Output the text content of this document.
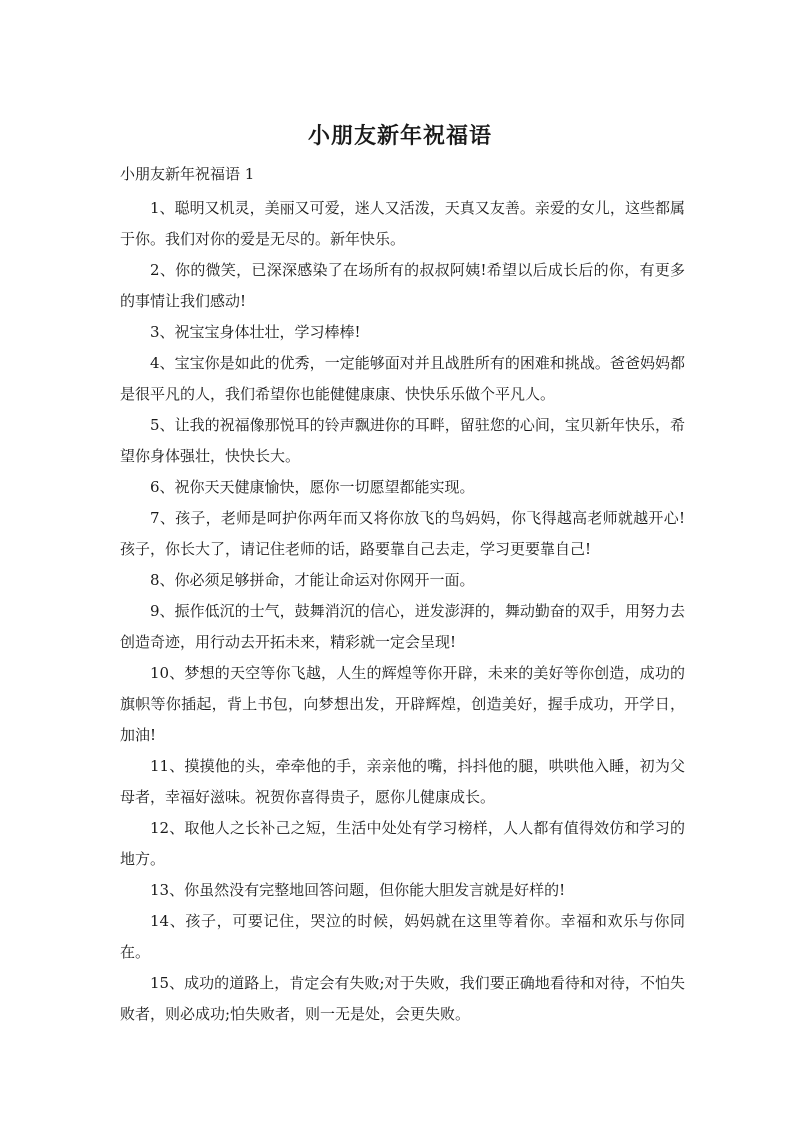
小朋友新年祝福语
小朋友新年祝福语 1

1、聪明又机灵，美丽又可爱，迷人又活泼，天真又友善。亲爱的女儿，这些都属于你。我们对你的爱是无尽的。新年快乐。

2、你的微笑，已深深感染了在场所有的叔叔阿姨!希望以后成长后的你，有更多的事情让我们感动!

3、祝宝宝身体壮壮，学习棒棒!

4、宝宝你是如此的优秀，一定能够面对并且战胜所有的困难和挑战。爸爸妈妈都是很平凡的人，我们希望你也能健健康康、快快乐乐做个平凡人。

5、让我的祝福像那悦耳的铃声飘进你的耳畔，留驻您的心间，宝贝新年快乐，希望你身体强壮，快快长大。

6、祝你天天健康愉快，愿你一切愿望都能实现。

7、孩子，老师是呵护你两年而又将你放飞的鸟妈妈，你飞得越高老师就越开心!孩子，你长大了，请记住老师的话，路要靠自己去走，学习更要靠自己!

8、你必须足够拼命，才能让命运对你网开一面。

9、振作低沉的士气，鼓舞消沉的信心，迸发澎湃的，舞动勤奋的双手，用努力去创造奇迹，用行动去开拓未来，精彩就一定会呈现!

10、梦想的天空等你飞越，人生的辉煌等你开辟，未来的美好等你创造，成功的旗帜等你插起，背上书包，向梦想出发，开辟辉煌，创造美好，握手成功，开学日，加油!

11、摸摸他的头，牵牵他的手，亲亲他的嘴，抖抖他的腿，哄哄他入睡，初为父母者，幸福好滋味。祝贺你喜得贵子，愿你儿健康成长。

12、取他人之长补己之短，生活中处处有学习榜样，人人都有值得效仿和学习的地方。

13、你虽然没有完整地回答问题，但你能大胆发言就是好样的!

14、孩子，可要记住，哭泣的时候，妈妈就在这里等着你。幸福和欢乐与你同在。

15、成功的道路上，肯定会有失败;对于失败，我们要正确地看待和对待，不怕失败者，则必成功;怕失败者，则一无是处，会更失败。
